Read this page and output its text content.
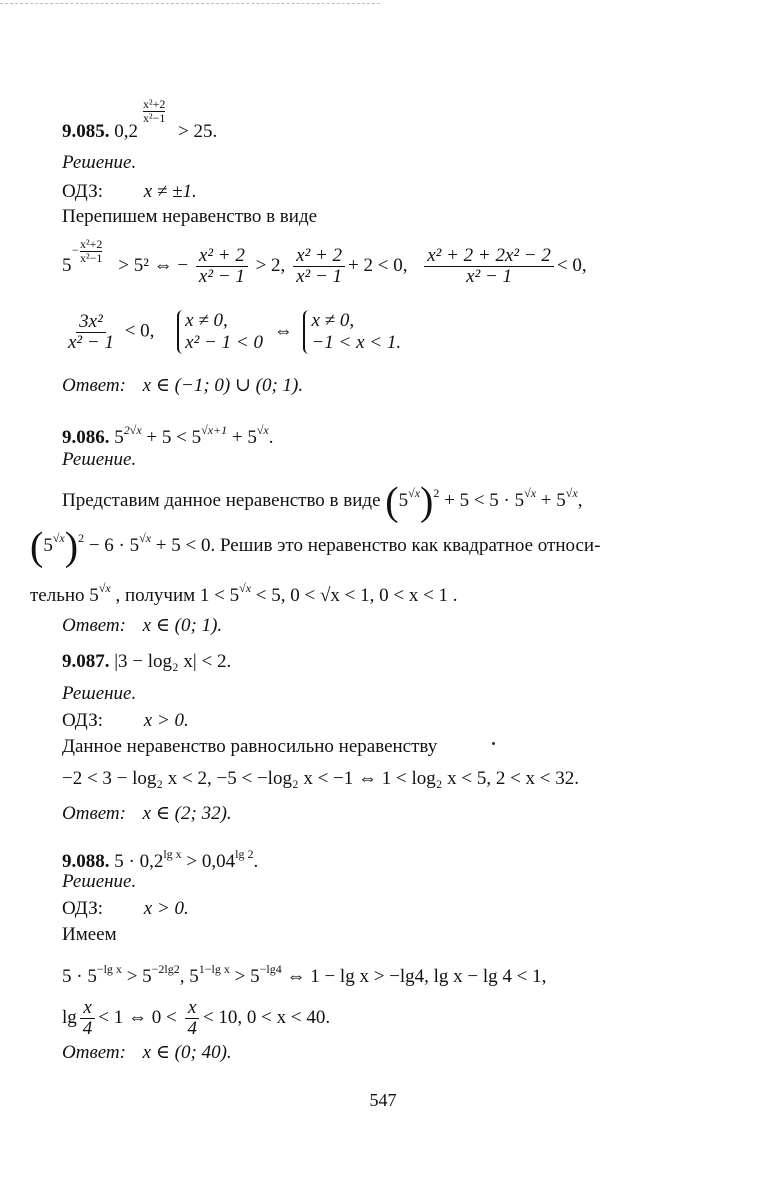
$\frac{\text{x²+2}}{\text{x²−1}}$
9.085. 0,2 > 25.
Решение.
ОДЗ: x ≠ ±1.
Перепишем неравенство в виде
− x²+2
x²−1
5 > 5² ⇔ − $\frac{\text{x² + 2}}{\text{x² − 1}} > 2$, $\frac{\text{x² + 2}}{\text{x² − 1}} + 2 < 0$, $\frac{\text{x² + 2 + 2x² − 2}}{\text{x² − 1}} < 0$,
$\frac{\text{3x²}}{\text{x² − 1}} < 0$, x ≠ 0,
x² − 1 < 0
⇔ x ≠ 0,
−1 < x < 1.
Ответ: x ∈ (−1; 0) ∪ (0; 1).
9.086. $5^{2√x} + 5 < 5^{√x+1} + 5^{√x}$.
Решение.
Представим данное неравенство в виде $(5^{√x})^2 + 5 < 5 \cdot 5^{√x} + 5^{√x}$,
$(5^{√x})^2 - 6 \cdot 5^{√x} + 5 < 0$. Решив это неравенство как квадратное относи-
тельно $5^{√x}$ , получим $1 < 5^{√x} < 5$, 0 < √x < 1, 0 < x < 1 .
Ответ: x ∈ (0; 1).
9.087. |3 − log₂ x| < 2.
Решение.
ОДЗ: x > 0.
Данное неравенство равносильно неравенству
−2 < 3 − log₂ x < 2, −5 < −log₂ x < −1 ⇔ 1 < log₂ x < 5, 2 < x < 32.
Ответ: x ∈ (2; 32).
9.088. $5 \cdot 0,2^{lg x} > 0,04^{lg 2}$.
Решение.
ОДЗ: x > 0.
Имеем
$5 \cdot 5^{-lg x} > 5^{-2lg2}$, $5^{1-lg x} > 5^{-lg4}$ ⇔ 1 − lg x > −lg4, lg x − lg 4 < 1,
$\lg \frac{x}{4} < 1$ ⇔ $0 < \frac{x}{4} < 10$, 0 < x < 40.
Ответ: x ∈ (0; 40).
547
